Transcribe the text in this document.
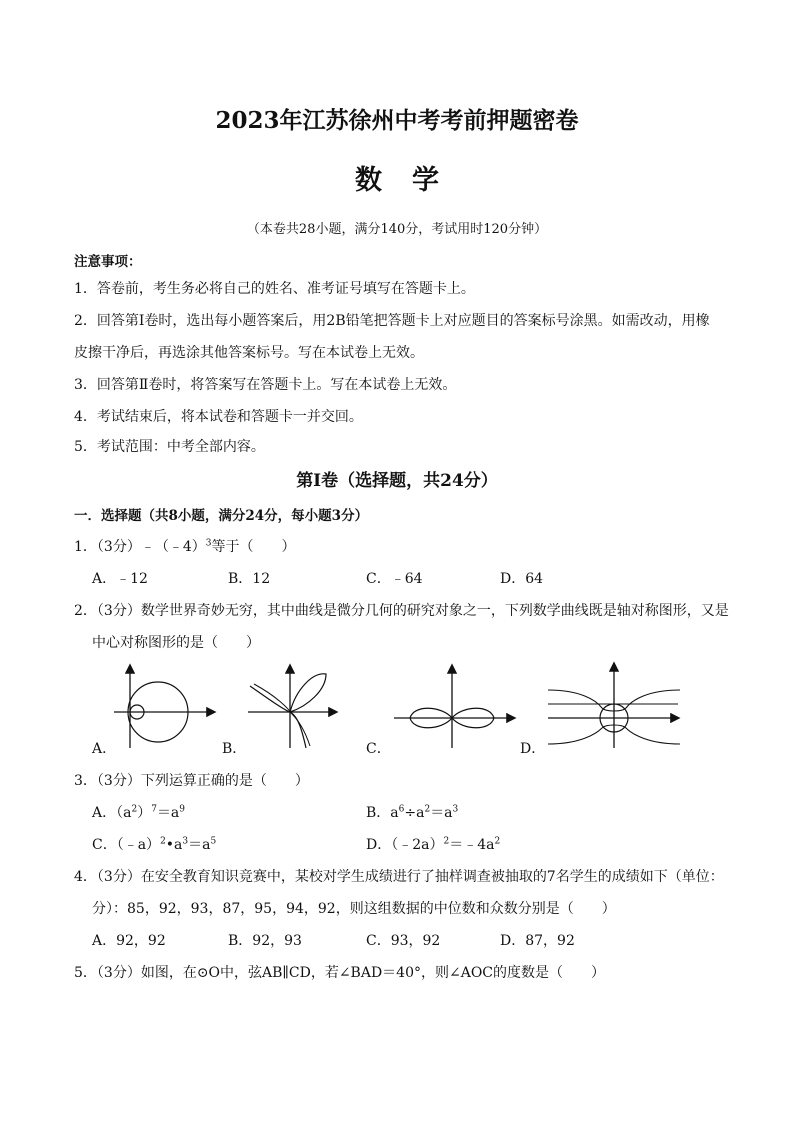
2023年江苏徐州中考考前押题密卷
数学
（本卷共28小题，满分140分，考试用时120分钟）
注意事项：
1．答卷前，考生务必将自己的姓名、准考证号填写在答题卡上。
2．回答第Ⅰ卷时，选出每小题答案后，用2B铅笔把答题卡上对应题目的答案标号涂黑。如需改动，用橡
皮擦干净后，再选涂其他答案标号。写在本试卷上无效。
3．回答第Ⅱ卷时，将答案写在答题卡上。写在本试卷上无效。
4．考试结束后，将本试卷和答题卡一并交回。
5．考试范围：中考全部内容。
第Ⅰ卷（选择题，共24分）
一．选择题（共8小题，满分24分，每小题3分）
1．（3分）﹣（﹣4）$^3$等于（　　）
A．﹣12	B．12	C．﹣64	D．64
2．（3分）数学世界奇妙无穷，其中曲线是微分几何的研究对象之一，下列数学曲线既是轴对称图形，又是
中心对称图形的是（　　）
A．	B．	C．	D．
3．（3分）下列运算正确的是（　　）
A．$(a^2)^7=a^9$	B．$a^6\div a^2=a^3$
C．$(﹣a)^2•a^3=a^5$	D．$(﹣2a)^2=﹣4a^2$
4．（3分）在安全教育知识竞赛中，某校对学生成绩进行了抽样调查被抽取的7名学生的成绩如下（单位：
分）：85，92，93，87，95，94，92，则这组数据的中位数和众数分别是（　　）
A．92，92	B．92，93	C．93，92	D．87，92
5．（3分）如图，在⊙O中，弦AB∥CD，若∠BAD＝40°，则∠AOC的度数是（　　）
